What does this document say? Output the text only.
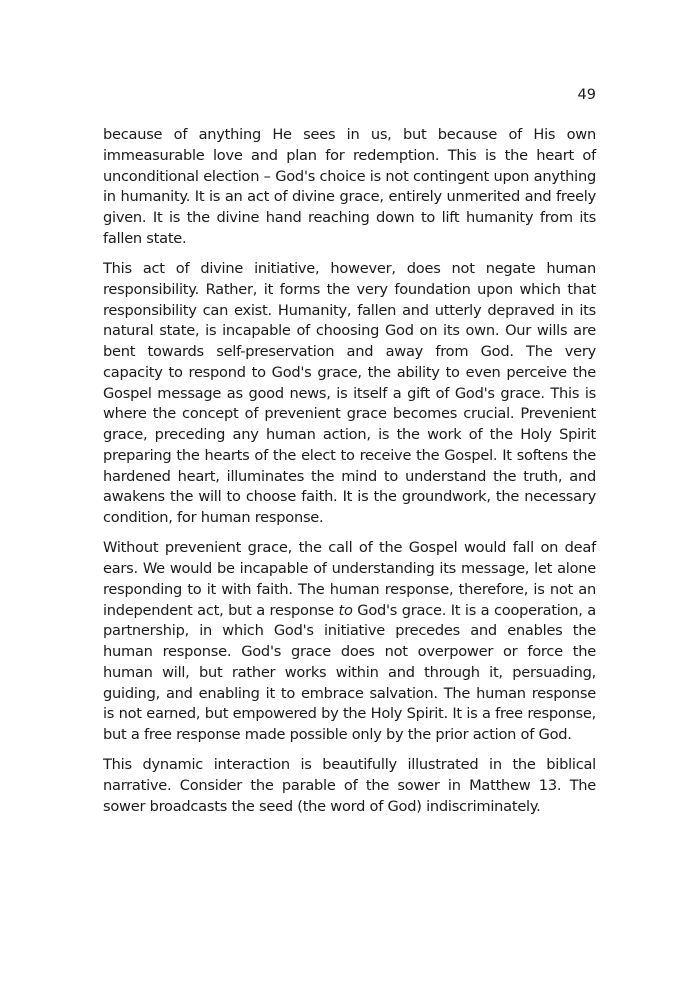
49

because of anything He sees in us, but because of His own immeasurable love and plan for redemption. This is the heart of unconditional election – God's choice is not contingent upon anything in humanity. It is an act of divine grace, entirely unmerited and freely given. It is the divine hand reaching down to lift humanity from its fallen state.

This act of divine initiative, however, does not negate human responsibility. Rather, it forms the very foundation upon which that responsibility can exist. Humanity, fallen and utterly depraved in its natural state, is incapable of choosing God on its own. Our wills are bent towards self-preservation and away from God. The very capacity to respond to God's grace, the ability to even perceive the Gospel message as good news, is itself a gift of God's grace. This is where the concept of prevenient grace becomes crucial. Prevenient grace, preceding any human action, is the work of the Holy Spirit preparing the hearts of the elect to receive the Gospel. It softens the hardened heart, illuminates the mind to understand the truth, and awakens the will to choose faith. It is the groundwork, the necessary condition, for human response.

Without prevenient grace, the call of the Gospel would fall on deaf ears. We would be incapable of understanding its message, let alone responding to it with faith. The human response, therefore, is not an independent act, but a response to God's grace. It is a cooperation, a partnership, in which God's initiative precedes and enables the human response. God's grace does not overpower or force the human will, but rather works within and through it, persuading, guiding, and enabling it to embrace salvation. The human response is not earned, but empowered by the Holy Spirit. It is a free response, but a free response made possible only by the prior action of God.

This dynamic interaction is beautifully illustrated in the biblical narrative. Consider the parable of the sower in Matthew 13. The sower broadcasts the seed (the word of God) indiscriminately.
